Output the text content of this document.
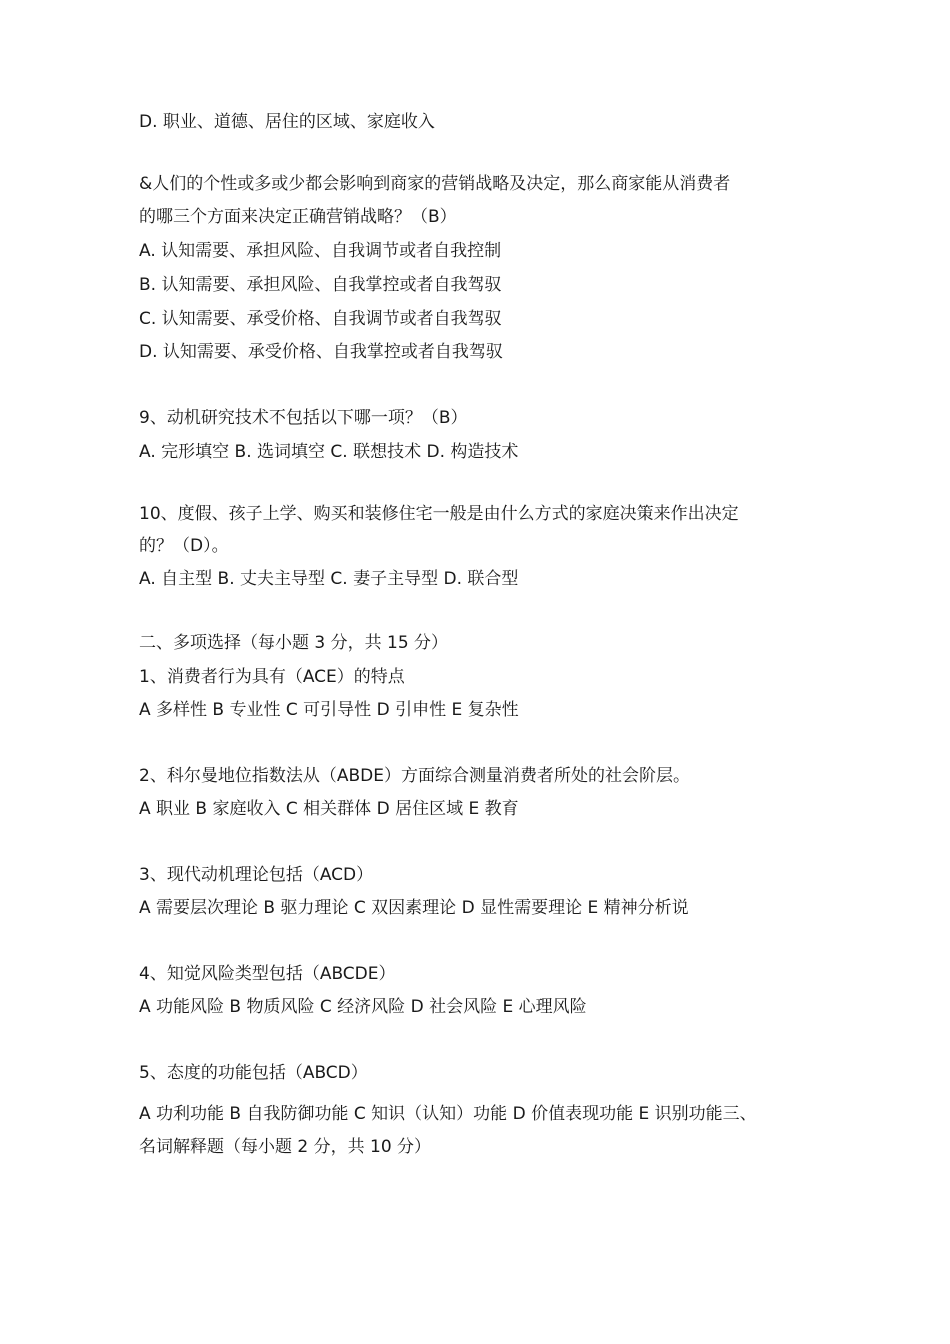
D. 职业、道德、居住的区域、家庭收入
&人们的个性或多或少都会影响到商家的营销战略及决定，那么商家能从消费者
的哪三个方面来决定正确营销战略？（B）
A. 认知需要、承担风险、自我调节或者自我控制
B. 认知需要、承担风险、自我掌控或者自我驾驭
C. 认知需要、承受价格、自我调节或者自我驾驭
D. 认知需要、承受价格、自我掌控或者自我驾驭
9、动机研究技术不包括以下哪一项？（B）
A. 完形填空 B. 选词填空 C. 联想技术 D. 构造技术
10、度假、孩子上学、购买和装修住宅一般是由什么方式的家庭决策来作出决定
的？（D）。
A. 自主型 B. 丈夫主导型 C. 妻子主导型 D. 联合型
二、多项选择（每小题 3 分，共 15 分）
1、消费者行为具有（ACE）的特点
A 多样性 B 专业性 C 可引导性 D 引申性 E 复杂性
2、科尔曼地位指数法从（ABDE）方面综合测量消费者所处的社会阶层。
A 职业 B 家庭收入 C 相关群体 D 居住区域 E 教育
3、现代动机理论包括（ACD）
A 需要层次理论 B 驱力理论 C 双因素理论 D 显性需要理论 E 精神分析说
4、知觉风险类型包括（ABCDE）
A 功能风险 B 物质风险 C 经济风险 D 社会风险 E 心理风险
5、态度的功能包括（ABCD）
A 功利功能 B 自我防御功能 C 知识（认知）功能 D 价值表现功能 E 识别功能三、
名词解释题（每小题 2 分，共 10 分）
